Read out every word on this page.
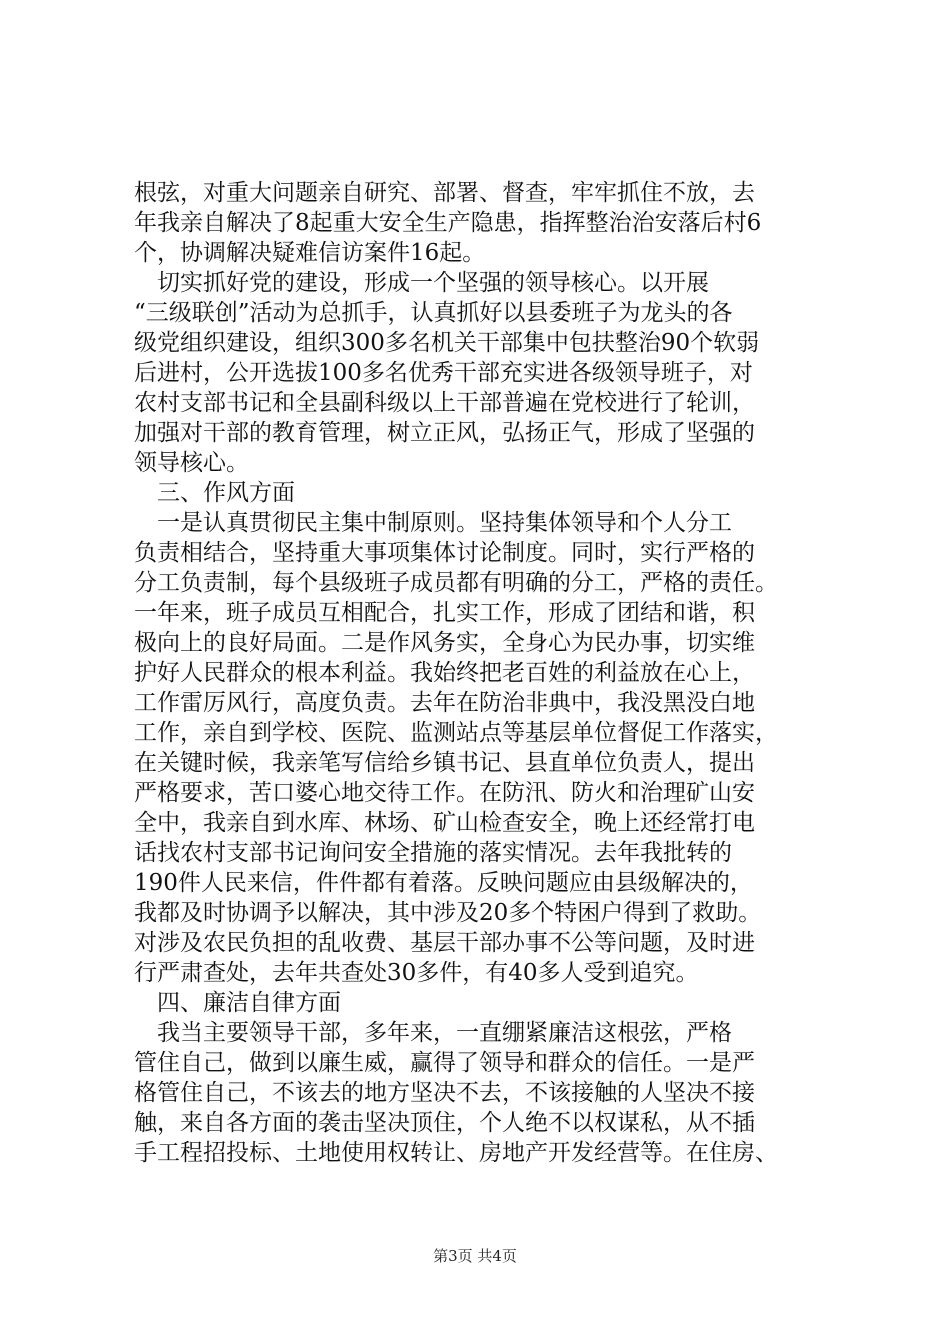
根弦，对重大问题亲自研究、部署、督查，牢牢抓住不放，去
年我亲自解决了8起重大安全生产隐患，指挥整治治安落后村6
个，协调解决疑难信访案件16起。
　切实抓好党的建设，形成一个坚强的领导核心。以开展
“三级联创”活动为总抓手，认真抓好以县委班子为龙头的各
级党组织建设，组织300多名机关干部集中包扶整治90个软弱
后进村，公开选拔100多名优秀干部充实进各级领导班子，对
农村支部书记和全县副科级以上干部普遍在党校进行了轮训，
加强对干部的教育管理，树立正风，弘扬正气，形成了坚强的
领导核心。
　三、作风方面
　一是认真贯彻民主集中制原则。坚持集体领导和个人分工
负责相结合，坚持重大事项集体讨论制度。同时，实行严格的
分工负责制，每个县级班子成员都有明确的分工，严格的责任。
一年来，班子成员互相配合，扎实工作，形成了团结和谐，积
极向上的良好局面。二是作风务实，全身心为民办事，切实维
护好人民群众的根本利益。我始终把老百姓的利益放在心上，
工作雷厉风行，高度负责。去年在防治非典中，我没黑没白地
工作，亲自到学校、医院、监测站点等基层单位督促工作落实，
在关键时候，我亲笔写信给乡镇书记、县直单位负责人，提出
严格要求，苦口婆心地交待工作。在防汛、防火和治理矿山安
全中，我亲自到水库、林场、矿山检查安全，晚上还经常打电
话找农村支部书记询问安全措施的落实情况。去年我批转的
190件人民来信，件件都有着落。反映问题应由县级解决的，
我都及时协调予以解决，其中涉及20多个特困户得到了救助。
对涉及农民负担的乱收费、基层干部办事不公等问题，及时进
行严肃查处，去年共查处30多件，有40多人受到追究。
　四、廉洁自律方面
　我当主要领导干部，多年来，一直绷紧廉洁这根弦，严格
管住自己，做到以廉生威，赢得了领导和群众的信任。一是严
格管住自己，不该去的地方坚决不去，不该接触的人坚决不接
触，来自各方面的袭击坚决顶住，个人绝不以权谋私，从不插
手工程招投标、土地使用权转让、房地产开发经营等。在住房、
第3页 共4页
